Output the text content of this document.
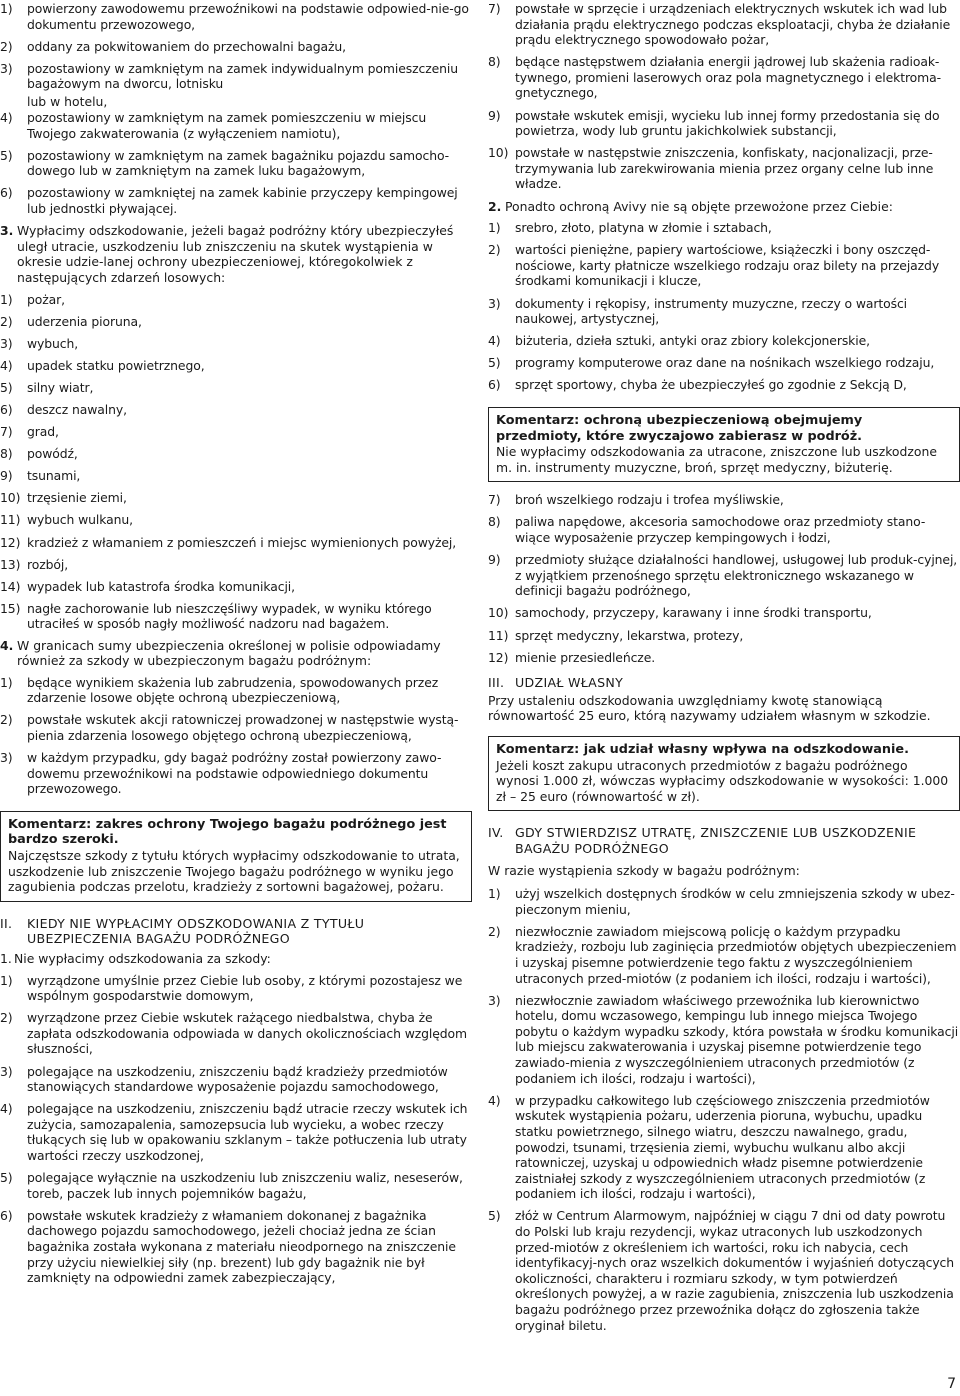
1) powierzony zawodowemu przewoźnikowi na podstawie odpowied-nie-go dokumentu przewozowego,
2) oddany za pokwitowaniem do przechowalni bagażu,
3) pozostawiony w zamkniętym na zamek indywidualnym pomieszczeniu bagażowym na dworcu, lotnisku
lub w hotelu,
4) pozostawiony w zamkniętym na zamek pomieszczeniu w miejscu Twojego zakwaterowania (z wyłączeniem namiotu),
5) pozostawiony w zamkniętym na zamek bagażniku pojazdu samocho-dowego lub w zamkniętym na zamek luku bagażowym,
6) pozostawiony w zamkniętej na zamek kabinie przyczepy kempingowej lub jednostki pływającej.
3. Wypłacimy odszkodowanie, jeżeli bagaż podróżny który ubezpieczyłeś uległ utracie, uszkodzeniu lub zniszczeniu na skutek wystąpienia w okresie udzie-lanej ochrony ubezpieczeniowej, któregokolwiek z następujących zdarzeń losowych:
1) pożar,
2) uderzenia pioruna,
3) wybuch,
4) upadek statku powietrznego,
5) silny wiatr,
6) deszcz nawalny,
7) grad,
8) powódź,
9) tsunami,
10) trzęsienie ziemi,
11) wybuch wulkanu,
12) kradzież z włamaniem z pomieszczeń i miejsc wymienionych powyżej,
13) rozbój,
14) wypadek lub katastrofa środka komunikacji,
15) nagłe zachorowanie lub nieszczęśliwy wypadek, w wyniku którego utraciłeś w sposób nagły możliwość nadzoru nad bagażem.
4. W granicach sumy ubezpieczenia określonej w polisie odpowiadamy również za szkody w ubezpieczonym bagażu podróżnym:
1) będące wynikiem skażenia lub zabrudzenia, spowodowanych przez zdarzenie losowe objęte ochroną ubezpieczeniową,
2) powstałe wskutek akcji ratowniczej prowadzonej w następstwie wystą-pienia zdarzenia losowego objętego ochroną ubezpieczeniową,
3) w każdym przypadku, gdy bagaż podróżny został powierzony zawo-dowemu przewoźnikowi na podstawie odpowiedniego dokumentu przewozowego.
Komentarz: zakres ochrony Twojego bagażu podróżnego jest bardzo szeroki.
Najczęstsze szkody z tytułu których wypłacimy odszkodowanie to utrata, uszkodzenie lub zniszczenie Twojego bagażu podróżnego w wyniku jego zagubienia podczas przelotu, kradzieży z sortowni bagażowej, pożaru.
II. KIEDY NIE WYPŁACIMY ODSZKODOWANIA Z TYTUŁU UBEZPIECZENIA BAGAŻU PODRÓŻNEGO
1. Nie wypłacimy odszkodowania za szkody:
1) wyrządzone umyślnie przez Ciebie lub osoby, z którymi pozostajesz we wspólnym gospodarstwie domowym,
2) wyrządzone przez Ciebie wskutek rażącego niedbalstwa, chyba że zapłata odszkodowania odpowiada w danych okolicznościach względom słuszności,
3) polegające na uszkodzeniu, zniszczeniu bądź kradzieży przedmiotów stanowiących standardowe wyposażenie pojazdu samochodowego,
4) polegające na uszkodzeniu, zniszczeniu bądź utracie rzeczy wskutek ich zużycia, samozapalenia, samozepsucia lub wycieku, a wobec rzeczy tłukących się lub w opakowaniu szklanym – także potłuczenia lub utraty wartości rzeczy uszkodzonej,
5) polegające wyłącznie na uszkodzeniu lub zniszczeniu waliz, neseserów, toreb, paczek lub innych pojemników bagażu,
6) powstałe wskutek kradzieży z włamaniem dokonanej z bagażnika dachowego pojazdu samochodowego, jeżeli chociaż jedna ze ścian bagażnika została wykonana z materiału nieodpornego na zniszczenie przy użyciu niewielkiej siły (np. brezent) lub gdy bagażnik nie był zamknięty na odpowiedni zamek zabezpieczający,
7) powstałe w sprzęcie i urządzeniach elektrycznych wskutek ich wad lub działania prądu elektrycznego podczas eksploatacji, chyba że działanie prądu elektrycznego spowodowało pożar,
8) będące następstwem działania energii jądrowej lub skażenia radioak-tywnego, promieni laserowych oraz pola magnetycznego i elektroma-gnetycznego,
9) powstałe wskutek emisji, wycieku lub innej formy przedostania się do powietrza, wody lub gruntu jakichkolwiek substancji,
10) powstałe w następstwie zniszczenia, konfiskaty, nacjonalizacji, prze-trzymywania lub zarekwirowania mienia przez organy celne lub inne władze.
2. Ponadto ochroną Avivy nie są objęte przewożone przez Ciebie:
1) srebro, złoto, platyna w złomie i sztabach,
2) wartości pieniężne, papiery wartościowe, książeczki i bony oszczęd-nościowe, karty płatnicze wszelkiego rodzaju oraz bilety na przejazdy środkami komunikacji i klucze,
3) dokumenty i rękopisy, instrumenty muzyczne, rzeczy o wartości naukowej, artystycznej,
4) biżuteria, dzieła sztuki, antyki oraz zbiory kolekcjonerskie,
5) programy komputerowe oraz dane na nośnikach wszelkiego rodzaju,
6) sprzęt sportowy, chyba że ubezpieczyłeś go zgodnie z Sekcją D,
Komentarz: ochroną ubezpieczeniową obejmujemy przedmioty, które zwyczajowo zabierasz w podróż.
Nie wypłacimy odszkodowania za utracone, zniszczone lub uszkodzone m. in. instrumenty muzyczne, broń, sprzęt medyczny, biżuterię.
7) broń wszelkiego rodzaju i trofea myśliwskie,
8) paliwa napędowe, akcesoria samochodowe oraz przedmioty stano-wiące wyposażenie przyczep kempingowych i łodzi,
9) przedmioty służące działalności handlowej, usługowej lub produk-cyjnej, z wyjątkiem przenośnego sprzętu elektronicznego wskazanego w definicji bagażu podróżnego,
10) samochody, przyczepy, karawany i inne środki transportu,
11) sprzęt medyczny, lekarstwa, protezy,
12) mienie przesiedleńcze.
III. UDZIAŁ WŁASNY
Przy ustaleniu odszkodowania uwzględniamy kwotę stanowiącą równowartość 25 euro, którą nazywamy udziałem własnym w szkodzie.
Komentarz: jak udział własny wpływa na odszkodowanie.
Jeżeli koszt zakupu utraconych przedmiotów z bagażu podróżnego wynosi 1.000 zł, wówczas wypłacimy odszkodowanie w wysokości: 1.000 zł – 25 euro (równowartość w zł).
IV. GDY STWIERDZISZ UTRATĘ, ZNISZCZENIE LUB USZKODZENIE BAGAŻU PODRÓŻNEGO
W razie wystąpienia szkody w bagażu podróżnym:
1) użyj wszelkich dostępnych środków w celu zmniejszenia szkody w ubez-pieczonym mieniu,
2) niezwłocznie zawiadom miejscową policję o każdym przypadku kradzieży, rozboju lub zaginięcia przedmiotów objętych ubezpieczeniem i uzyskaj pisemne potwierdzenie tego faktu z wyszczególnieniem utraconych przed-miotów (z podaniem ich ilości, rodzaju i wartości),
3) niezwłocznie zawiadom właściwego przewoźnika lub kierownictwo hotelu, domu wczasowego, kempingu lub innego miejsca Twojego pobytu o każdym wypadku szkody, która powstała w środku komunikacji lub miejscu zakwaterowania i uzyskaj pisemne potwierdzenie tego zawiado-mienia z wyszczególnieniem utraconych przedmiotów (z podaniem ich ilości, rodzaju i wartości),
4) w przypadku całkowitego lub częściowego zniszczenia przedmiotów wskutek wystąpienia pożaru, uderzenia pioruna, wybuchu, upadku statku powietrznego, silnego wiatru, deszczu nawalnego, gradu, powodzi, tsunami, trzęsienia ziemi, wybuchu wulkanu albo akcji ratowniczej, uzyskaj u odpowiednich władz pisemne potwierdzenie zaistniałej szkody z wyszczególnieniem utraconych przedmiotów (z podaniem ich ilości, rodzaju i wartości),
5) złóż w Centrum Alarmowym, najpóźniej w ciągu 7 dni od daty powrotu do Polski lub kraju rezydencji, wykaz utraconych lub uszkodzonych przed-miotów z określeniem ich wartości, roku ich nabycia, cech identyfikacyj-nych oraz wszelkich dokumentów i wyjaśnień dotyczących okoliczności, charakteru i rozmiaru szkody, w tym potwierdzeń określonych powyżej, a w razie zagubienia, zniszczenia lub uszkodzenia bagażu podróżnego przez przewoźnika dołącz do zgłoszenia także oryginał biletu.
7
